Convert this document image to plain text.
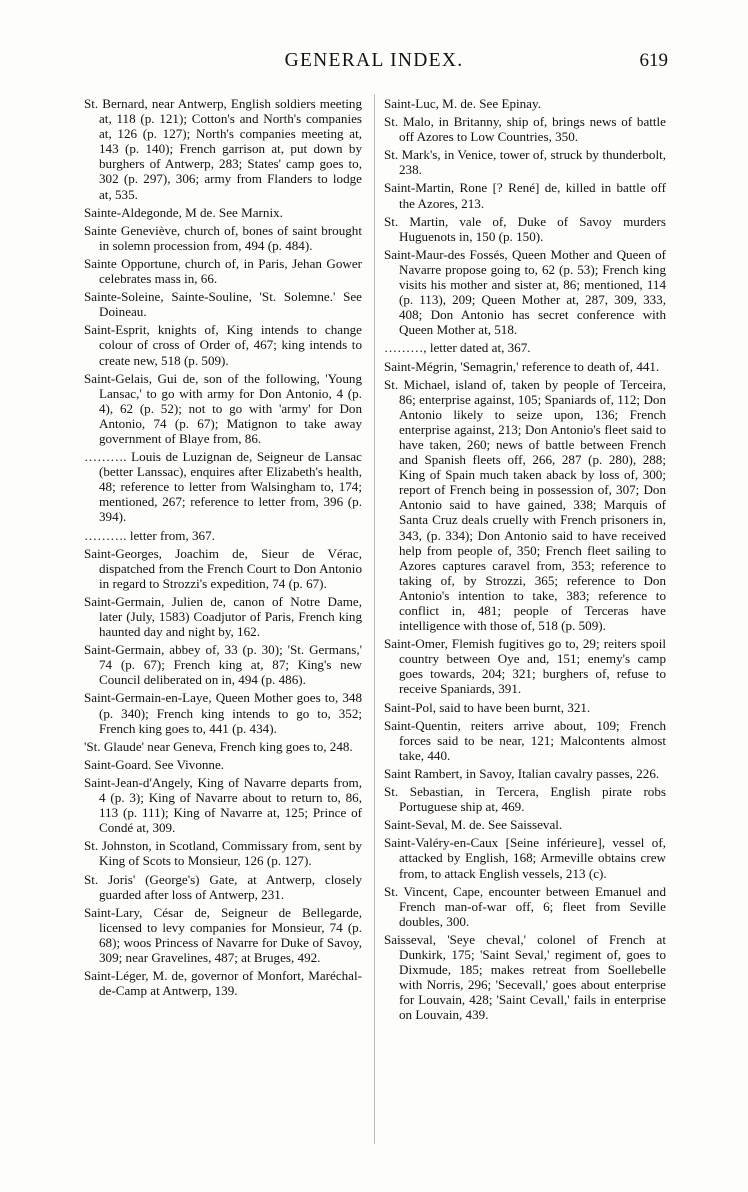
GENERAL INDEX.	619

St. Bernard, near Antwerp, English soldiers meeting at, 118 (p. 121); Cotton's and North's companies at, 126 (p. 127); North's companies meeting at, 143 (p. 140); French garrison at, put down by burghers of Antwerp, 283; States' camp goes to, 302 (p. 297), 306; army from Flanders to lodge at, 535.

Sainte-Aldegonde, M de. See Marnix.

Sainte Geneviève, church of, bones of saint brought in solemn procession from, 494 (p. 484).

Sainte Opportune, church of, in Paris, Jehan Gower celebrates mass in, 66.

Sainte-Soleine, Sainte-Souline, 'St. Solemne.' See Doineau.

Saint-Esprit, knights of, King intends to change colour of cross of Order of, 467; king intends to create new, 518 (p. 509).

Saint-Gelais, Gui de, son of the following, 'Young Lansac,' to go with army for Don Antonio, 4 (p. 4), 62 (p. 52); not to go with 'army' for Don Antonio, 74 (p. 67); Matignon to take away government of Blaye from, 86.

………. Louis de Luzignan de, Seigneur de Lansac (better Lanssac), enquires after Elizabeth's health, 48; reference to letter from Walsingham to, 174; mentioned, 267; reference to letter from, 396 (p. 394).

………. letter from, 367.

Saint-Georges, Joachim de, Sieur de Vérac, dispatched from the French Court to Don Antonio in regard to Strozzi's expedition, 74 (p. 67).

Saint-Germain, Julien de, canon of Notre Dame, later (July, 1583) Coadjutor of Paris, French king haunted day and night by, 162.

Saint-Germain, abbey of, 33 (p. 30); 'St. Germans,' 74 (p. 67); French king at, 87; King's new Council deliberated on in, 494 (p. 486).

Saint-Germain-en-Laye, Queen Mother goes to, 348 (p. 340); French king intends to go to, 352; French king goes to, 441 (p. 434).

'St. Glaude' near Geneva, French king goes to, 248.

Saint-Goard. See Vivonne.

Saint-Jean-d'Angely, King of Navarre departs from, 4 (p. 3); King of Navarre about to return to, 86, 113 (p. 111); King of Navarre at, 125; Prince of Condé at, 309.

St. Johnston, in Scotland, Commissary from, sent by King of Scots to Monsieur, 126 (p. 127).

St. Joris' (George's) Gate, at Antwerp, closely guarded after loss of Antwerp, 231.

Saint-Lary, César de, Seigneur de Bellegarde, licensed to levy companies for Monsieur, 74 (p. 68); woos Princess of Navarre for Duke of Savoy, 309; near Gravelines, 487; at Bruges, 492.

Saint-Léger, M. de, governor of Monfort, Maréchal-de-Camp at Antwerp, 139.

Saint-Luc, M. de. See Epinay.

St. Malo, in Britanny, ship of, brings news of battle off Azores to Low Countries, 350.

St. Mark's, in Venice, tower of, struck by thunderbolt, 238.

Saint-Martin, Rone [? René] de, killed in battle off the Azores, 213.

St. Martin, vale of, Duke of Savoy murders Huguenots in, 150 (p. 150).

Saint-Maur-des Fossés, Queen Mother and Queen of Navarre propose going to, 62 (p. 53); French king visits his mother and sister at, 86; mentioned, 114 (p. 113), 209; Queen Mother at, 287, 309, 333, 408; Don Antonio has secret conference with Queen Mother at, 518.

………, letter dated at, 367.

Saint-Mégrin, 'Semagrin,' reference to death of, 441.

St. Michael, island of, taken by people of Terceira, 86; enterprise against, 105; Spaniards of, 112; Don Antonio likely to seize upon, 136; French enterprise against, 213; Don Antonio's fleet said to have taken, 260; news of battle between French and Spanish fleets off, 266, 287 (p. 280), 288; King of Spain much taken aback by loss of, 300; report of French being in possession of, 307; Don Antonio said to have gained, 338; Marquis of Santa Cruz deals cruelly with French prisoners in, 343, (p. 334); Don Antonio said to have received help from people of, 350; French fleet sailing to Azores captures caravel from, 353; reference to taking of, by Strozzi, 365; reference to Don Antonio's intention to take, 383; reference to conflict in, 481; people of Terceras have intelligence with those of, 518 (p. 509).

Saint-Omer, Flemish fugitives go to, 29; reiters spoil country between Oye and, 151; enemy's camp goes towards, 204; 321; burghers of, refuse to receive Spaniards, 391.

Saint-Pol, said to have been burnt, 321.

Saint-Quentin, reiters arrive about, 109; French forces said to be near, 121; Malcontents almost take, 440.

Saint Rambert, in Savoy, Italian cavalry passes, 226.

St. Sebastian, in Tercera, English pirate robs Portuguese ship at, 469.

Saint-Seval, M. de. See Saisseval.

Saint-Valéry-en-Caux [Seine inférieure], vessel of, attacked by English, 168; Armeville obtains crew from, to attack English vessels, 213 (c).

St. Vincent, Cape, encounter between Emanuel and French man-of-war off, 6; fleet from Seville doubles, 300.

Saisseval, 'Seye cheval,' colonel of French at Dunkirk, 175; 'Saint Seval,' regiment of, goes to Dixmude, 185; makes retreat from Soellebelle with Norris, 296; 'Secevall,' goes about enterprise for Louvain, 428; 'Saint Cevall,' fails in enterprise on Louvain, 439.
